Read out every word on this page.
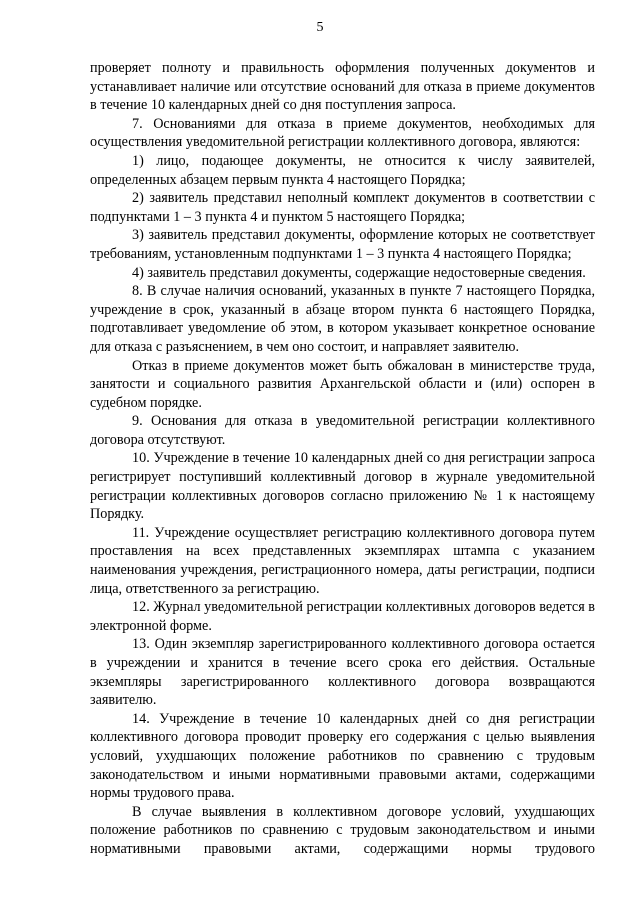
5

проверяет полноту и правильность оформления полученных документов и устанавливает наличие или отсутствие оснований для отказа в приеме документов в течение 10 календарных дней со дня поступления запроса.

7. Основаниями для отказа в приеме документов, необходимых для осуществления уведомительной регистрации коллективного договора, являются:

1) лицо, подающее документы, не относится к числу заявителей, определенных абзацем первым пункта 4 настоящего Порядка;

2) заявитель представил неполный комплект документов в соответствии с подпунктами 1 – 3 пункта 4 и пунктом 5 настоящего Порядка;

3) заявитель представил документы, оформление которых не соответствует требованиям, установленным подпунктами 1 – 3 пункта 4 настоящего Порядка;

4) заявитель представил документы, содержащие недостоверные сведения.

8. В случае наличия оснований, указанных в пункте 7 настоящего Порядка, учреждение в срок, указанный в абзаце втором пункта 6 настоящего Порядка, подготавливает уведомление об этом, в котором указывает конкретное основание для отказа с разъяснением, в чем оно состоит, и направляет заявителю.

Отказ в приеме документов может быть обжалован в министерстве труда, занятости и социального развития Архангельской области и (или) оспорен в судебном порядке.

9. Основания для отказа в уведомительной регистрации коллективного договора отсутствуют.

10. Учреждение в течение 10 календарных дней со дня регистрации запроса регистрирует поступивший коллективный договор в журнале уведомительной регистрации коллективных договоров согласно приложению № 1 к настоящему Порядку.

11. Учреждение осуществляет регистрацию коллективного договора путем проставления на всех представленных экземплярах штампа с указанием наименования учреждения, регистрационного номера, даты регистрации, подписи лица, ответственного за регистрацию.

12. Журнал уведомительной регистрации коллективных договоров ведется в электронной форме.

13. Один экземпляр зарегистрированного коллективного договора остается в учреждении и хранится в течение всего срока его действия. Остальные экземпляры зарегистрированного коллективного договора возвращаются заявителю.

14. Учреждение в течение 10 календарных дней со дня регистрации коллективного договора проводит проверку его содержания с целью выявления условий, ухудшающих положение работников по сравнению с трудовым законодательством и иными нормативными правовыми актами, содержащими нормы трудового права.

В случае выявления в коллективном договоре условий, ухудшающих положение работников по сравнению с трудовым законодательством и иными нормативными правовыми актами, содержащими нормы трудового
